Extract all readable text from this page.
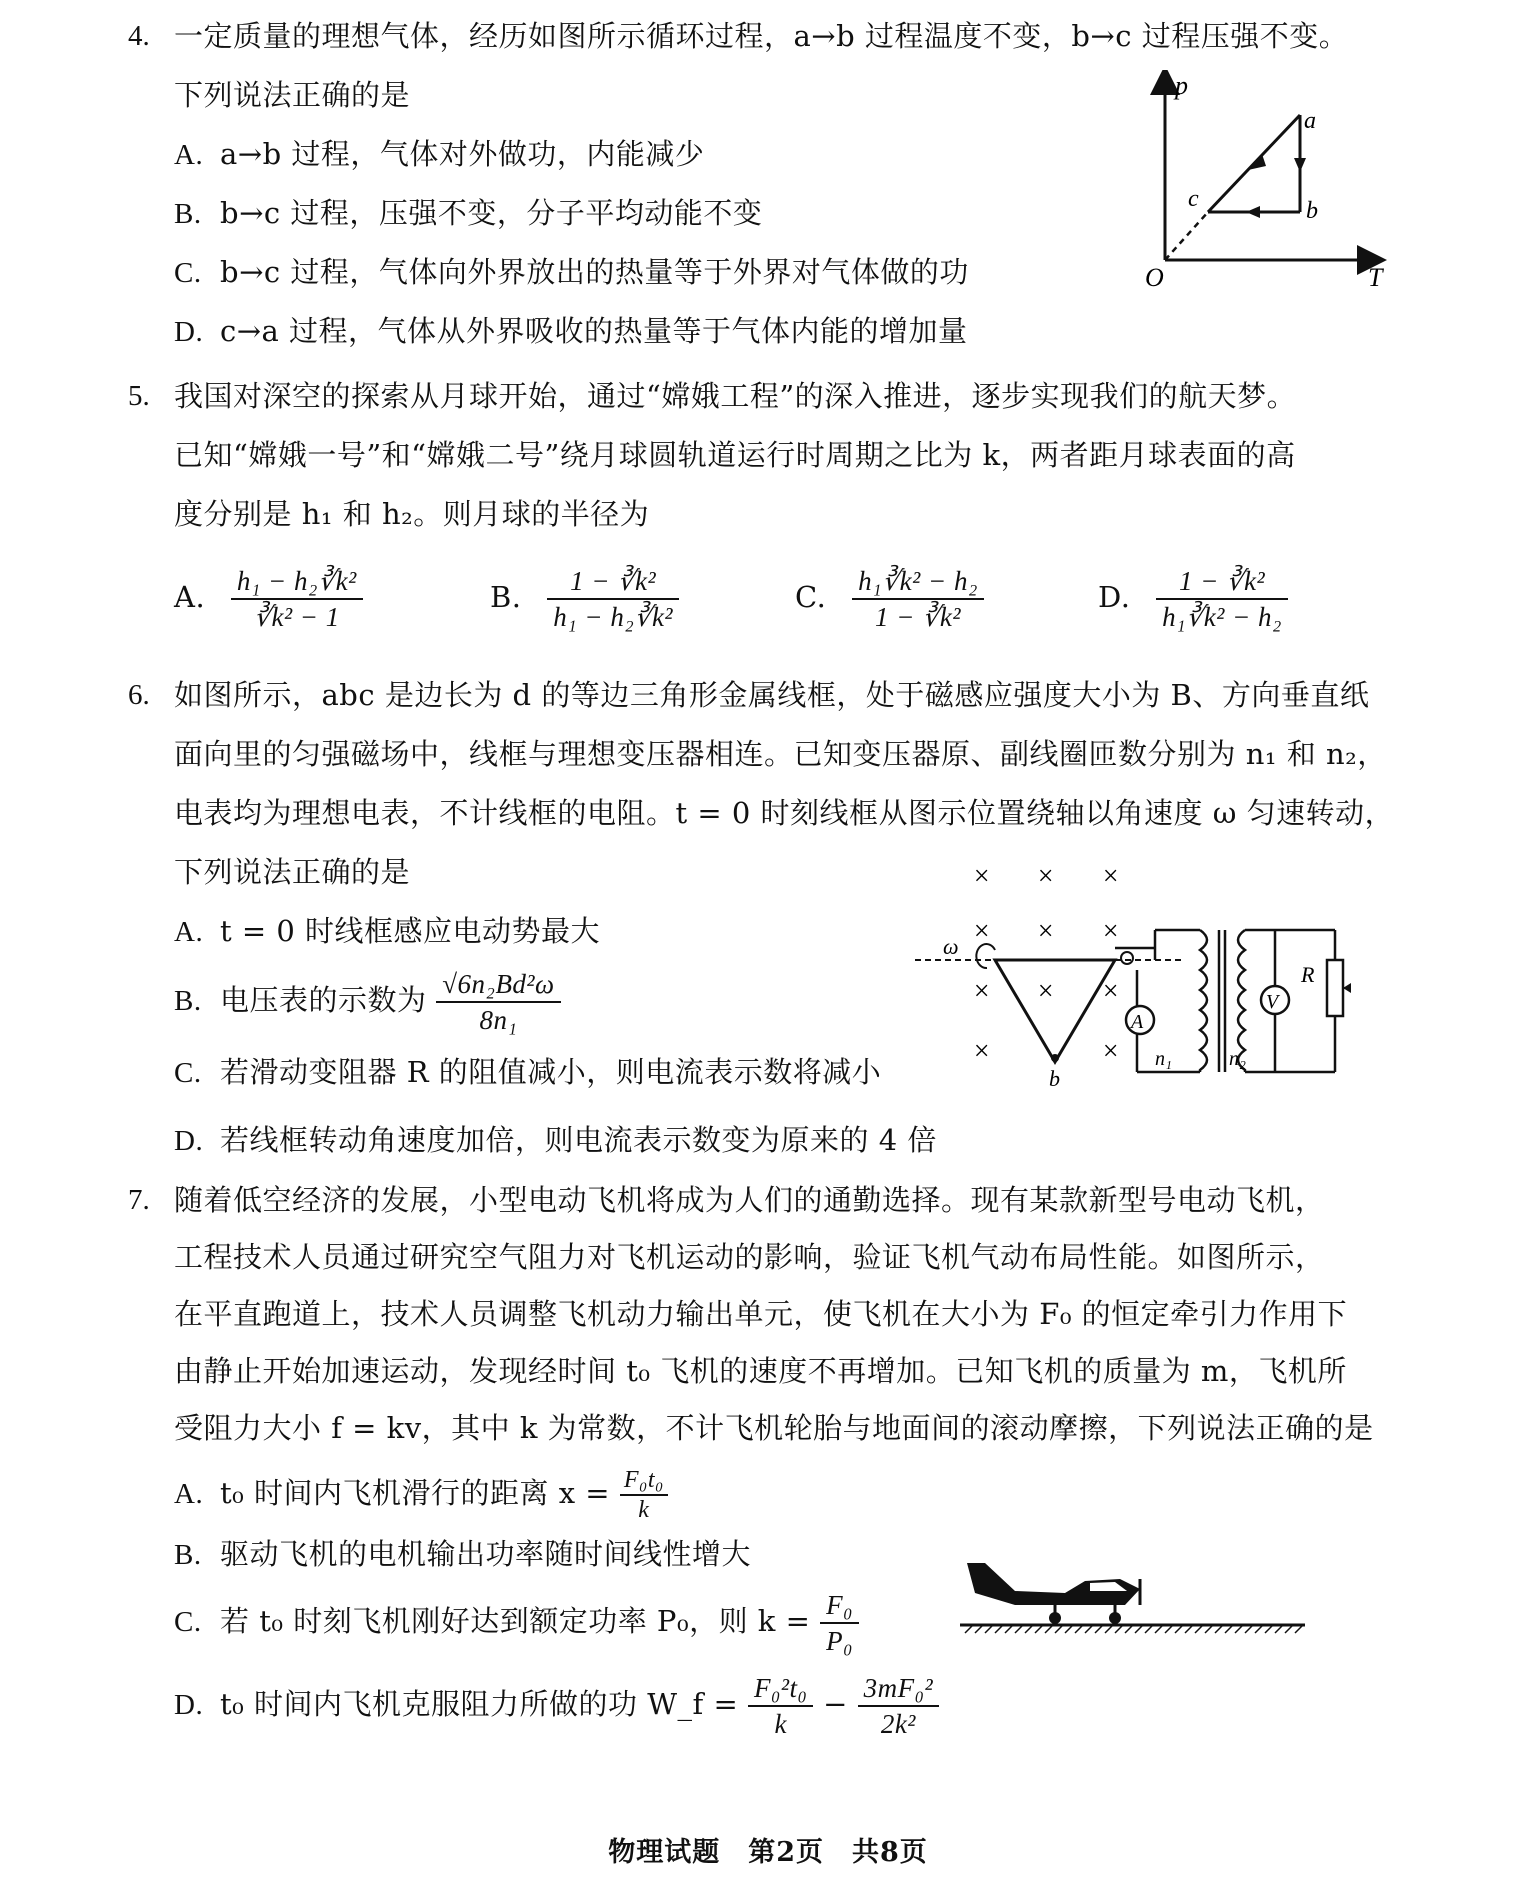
4. 一定质量的理想气体，经历如图所示循环过程，a→b 过程温度不变，b→c 过程压强不变。
下列说法正确的是
A. a→b 过程，气体对外做功，内能减少
B. b→c 过程，压强不变，分子平均动能不变
C. b→c 过程，气体向外界放出的热量等于外界对气体做的功
D. c→a 过程，气体从外界吸收的热量等于气体内能的增加量
p
T
O
a
b
c
5. 我国对深空的探索从月球开始，通过“嫦娥工程”的深入推进，逐步实现我们的航天梦。
已知“嫦娥一号”和“嫦娥二号”绕月球圆轨道运行时周期之比为 k，两者距月球表面的高
度分别是 h₁ 和 h₂。则月球的半径为
A. $\frac{\text{h₁ − h₂∛k²}}{\text{∛k² − 1}}$	B. $\frac{\text{1 − ∛k²}}{\text{h₁ − h₂∛k²}}$	C. $\frac{\text{h₁∛k² − h₂}}{\text{1 − ∛k²}}$	D. $\frac{\text{1 − ∛k²}}{\text{h₁∛k² − h₂}}$
6. 如图所示，abc 是边长为 d 的等边三角形金属线框，处于磁感应强度大小为 B、方向垂直纸
面向里的匀强磁场中，线框与理想变压器相连。已知变压器原、副线圈匝数分别为 n₁ 和 n₂，
电表均为理想电表，不计线框的电阻。t = 0 时刻线框从图示位置绕轴以角速度 ω 匀速转动，
下列说法正确的是
A. t = 0 时线框感应电动势最大
B. 电压表的示数为 $\frac{\text{√6n₂Bd²ω}}{\text{8n₁}}$
C. 若滑动变阻器 R 的阻值减小，则电流表示数将减小
D. 若线框转动角速度加倍，则电流表示数变为原来的 4 倍
× × ×
× × ×
× × ×
×	×
ω
b
A
n₁	n₂
V
R
7. 随着低空经济的发展，小型电动飞机将成为人们的通勤选择。现有某款新型号电动飞机，
工程技术人员通过研究空气阻力对飞机运动的影响，验证飞机气动布局性能。如图所示，
在平直跑道上，技术人员调整飞机动力输出单元，使飞机在大小为 F₀ 的恒定牵引力作用下
由静止开始加速运动，发现经时间 t₀ 飞机的速度不再增加。已知飞机的质量为 m，飞机所
受阻力大小 f = kv，其中 k 为常数，不计飞机轮胎与地面间的滚动摩擦，下列说法正确的是
A. t₀ 时间内飞机滑行的距离 $x = \frac{\text{F₀t₀}}{k}$
B. 驱动飞机的电机输出功率随时间线性增大
C. 若 t₀ 时刻飞机刚好达到额定功率 P₀，则 $k = \frac{\text{F₀}}{\text{P₀}}$
D. t₀ 时间内飞机克服阻力所做的功 W_f = $\frac{\text{F₀²t₀}}{k} - \frac{\text{3mF₀²}}{\text{2k²}}$
物理试题　第2页　共8页
